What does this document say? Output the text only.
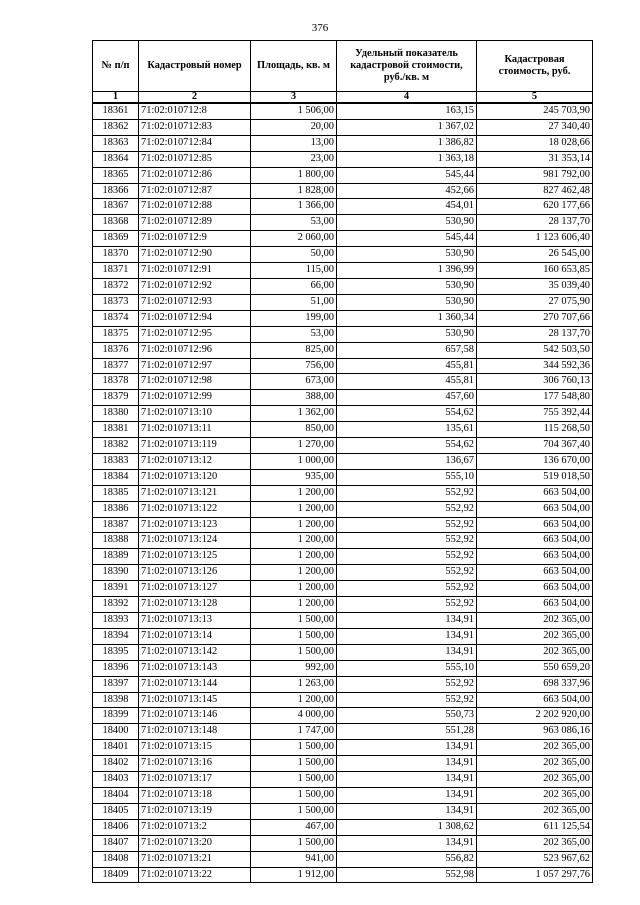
376
№ п/п	Кадастровый номер	Площадь, кв. м	Удельный показатель кадастровой стоимости, руб./кв. м	Кадастровая стоимость, руб.
1	2	3	4	5
18361	71:02:010712:8	1 506,00	163,15	245 703,90
18362	71:02:010712:83	20,00	1 367,02	27 340,40
18363	71:02:010712:84	13,00	1 386,82	18 028,66
18364	71:02:010712:85	23,00	1 363,18	31 353,14
18365	71:02:010712:86	1 800,00	545,44	981 792,00
18366	71:02:010712:87	1 828,00	452,66	827 462,48
18367	71:02:010712:88	1 366,00	454,01	620 177,66
18368	71:02:010712:89	53,00	530,90	28 137,70
18369	71:02:010712:9	2 060,00	545,44	1 123 606,40
18370	71:02:010712:90	50,00	530,90	26 545,00
18371	71:02:010712:91	115,00	1 396,99	160 653,85
18372	71:02:010712:92	66,00	530,90	35 039,40
18373	71:02:010712:93	51,00	530,90	27 075,90
18374	71:02:010712:94	199,00	1 360,34	270 707,66
18375	71:02:010712:95	53,00	530,90	28 137,70
18376	71:02:010712:96	825,00	657,58	542 503,50
18377	71:02:010712:97	756,00	455,81	344 592,36
18378	71:02:010712:98	673,00	455,81	306 760,13
18379	71:02:010712:99	388,00	457,60	177 548,80
18380	71:02:010713:10	1 362,00	554,62	755 392,44
18381	71:02:010713:11	850,00	135,61	115 268,50
18382	71:02:010713:119	1 270,00	554,62	704 367,40
18383	71:02:010713:12	1 000,00	136,67	136 670,00
18384	71:02:010713:120	935,00	555,10	519 018,50
18385	71:02:010713:121	1 200,00	552,92	663 504,00
18386	71:02:010713:122	1 200,00	552,92	663 504,00
18387	71:02:010713:123	1 200,00	552,92	663 504,00
18388	71:02:010713:124	1 200,00	552,92	663 504,00
18389	71:02:010713:125	1 200,00	552,92	663 504,00
18390	71:02:010713:126	1 200,00	552,92	663 504,00
18391	71:02:010713:127	1 200,00	552,92	663 504,00
18392	71:02:010713:128	1 200,00	552,92	663 504,00
18393	71:02:010713:13	1 500,00	134,91	202 365,00
18394	71:02:010713:14	1 500,00	134,91	202 365,00
18395	71:02:010713:142	1 500,00	134,91	202 365,00
18396	71:02:010713:143	992,00	555,10	550 659,20
18397	71:02:010713:144	1 263,00	552,92	698 337,96
18398	71:02:010713:145	1 200,00	552,92	663 504,00
18399	71:02:010713:146	4 000,00	550,73	2 202 920,00
18400	71:02:010713:148	1 747,00	551,28	963 086,16
18401	71:02:010713:15	1 500,00	134,91	202 365,00
18402	71:02:010713:16	1 500,00	134,91	202 365,00
18403	71:02:010713:17	1 500,00	134,91	202 365,00
18404	71:02:010713:18	1 500,00	134,91	202 365,00
18405	71:02:010713:19	1 500,00	134,91	202 365,00
18406	71:02:010713:2	467,00	1 308,62	611 125,54
18407	71:02:010713:20	1 500,00	134,91	202 365,00
18408	71:02:010713:21	941,00	556,82	523 967,62
18409	71:02:010713:22	1 912,00	552,98	1 057 297,76
